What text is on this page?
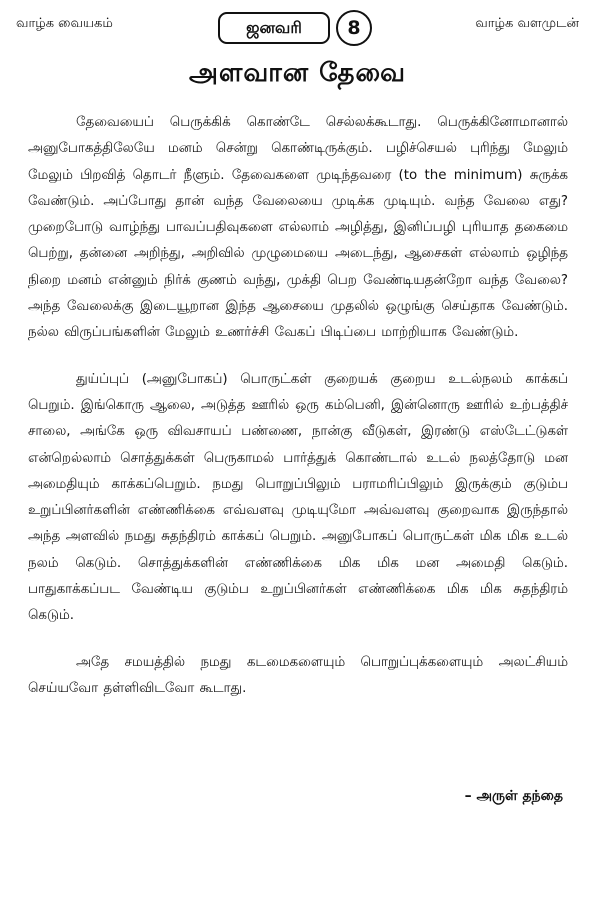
வாழ்க வையகம்	ஜனவரி 8	வாழ்க வளமுடன்
அளவான தேவை

தேவையைப் பெருக்கிக் கொண்டே செல்லக்கூடாது. பெருக்கினோமானால் அனுபோகத்திலேயே மனம் சென்று கொண்டிருக்கும். பழிச்செயல் புரிந்து மேலும் மேலும் பிறவித் தொடர் நீளும். தேவைகளை முடிந்தவரை (to the minimum) சுருக்க வேண்டும். அப்போது தான் வந்த வேலையை முடிக்க முடியும். வந்த வேலை எது? முறைபோடு வாழ்ந்து பாவப்பதிவுகளை எல்லாம் அழித்து, இனிப்பழி புரியாத தகைமை பெற்று, தன்னை அறிந்து, அறிவில் முழுமையை அடைந்து, ஆசைகள் எல்லாம் ஒழிந்த நிறை மனம் என்னும் நிர்க் குணம் வந்து, முக்தி பெற வேண்டியதன்றோ வந்த வேலை? அந்த வேலைக்கு இடையூறான இந்த ஆசையை முதலில் ஒழுங்கு செய்தாக வேண்டும். நல்ல விருப்பங்களின் மேலும் உணர்ச்சி வேகப் பிடிப்பை மாற்றியாக வேண்டும்.

துய்ப்புப் (அனுபோகப்) பொருட்கள் குறையக் குறைய உடல்நலம் காக்கப் பெறும். இங்கொரு ஆலை, அடுத்த ஊரில் ஒரு கம்பெனி, இன்னொரு ஊரில் உற்பத்திச் சாலை, அங்கே ஒரு விவசாயப் பண்ணை, நான்கு வீடுகள், இரண்டு எஸ்டேட்டுகள் என்றெல்லாம் சொத்துக்கள் பெருகாமல் பார்த்துக் கொண்டால் உடல் நலத்தோடு மன அமைதியும் காக்கப்பெறும். நமது பொறுப்பிலும் பராமரிப்பிலும் இருக்கும் குடும்ப உறுப்பினர்களின் எண்ணிக்கை எவ்வளவு முடியுமோ அவ்வளவு குறைவாக இருந்தால் அந்த அளவில் நமது சுதந்திரம் காக்கப் பெறும். அனுபோகப் பொருட்கள் மிக மிக உடல் நலம் கெடும். சொத்துக்களின் எண்ணிக்கை மிக மிக மன அமைதி கெடும். பாதுகாக்கப்பட வேண்டிய குடும்ப உறுப்பினர்கள் எண்ணிக்கை மிக மிக சுதந்திரம் கெடும்.

அதே சமயத்தில் நமது கடமைகளையும் பொறுப்புக்களையும் அலட்சியம் செய்யவோ தள்ளிவிடவோ கூடாது.

– அருள் தந்தை
